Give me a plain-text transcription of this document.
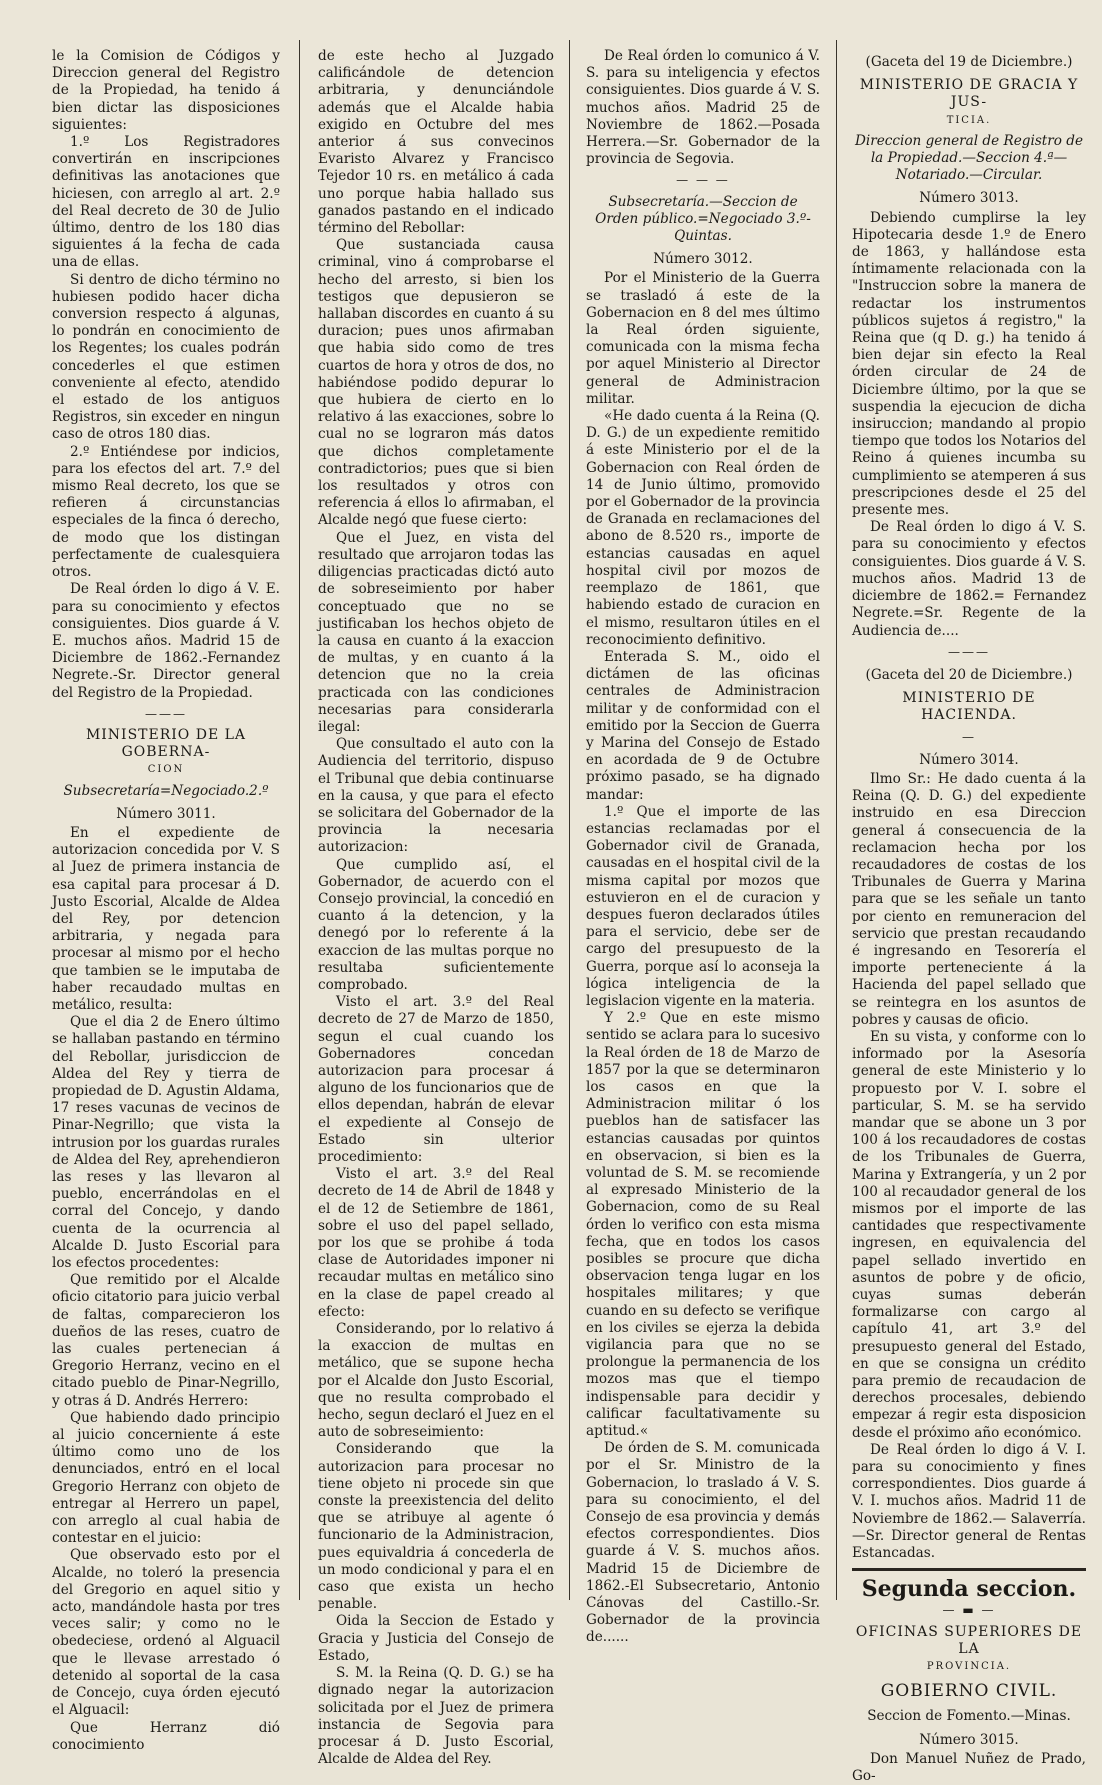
le la Comision de Códigos y Direccion general del Registro de la Propiedad, ha tenido á bien dictar las disposiciones siguientes:

1.º Los Registradores convertirán en inscripciones definitivas las anotaciones que hiciesen, con arreglo al art. 2.º del Real decreto de 30 de Julio último, dentro de los 180 dias siguientes á la fecha de cada una de ellas.

Si dentro de dicho término no hubiesen podido hacer dicha conversion respecto á algunas, lo pondrán en conocimiento de los Regentes; los cuales podrán concederles el que estimen conveniente al efecto, atendido el estado de los antiguos Registros, sin exceder en ningun caso de otros 180 dias.

2.º Entiéndese por indicios, para los efectos del art. 7.º del mismo Real decreto, los que se refieren á circunstancias especiales de la finca ó derecho, de modo que los distingan perfectamente de cualesquiera otros.

De Real órden lo digo á V. E. para su conocimiento y efectos consiguientes. Dios guarde á V. E. muchos años. Madrid 15 de Diciembre de 1862.-Fernandez Negrete.-Sr. Director general del Registro de la Propiedad.

———
MINISTERIO DE LA GOBERNA-
CION
Subsecretaría=Negociado.2.º
Número 3011.

En el expediente de autorizacion concedida por V. S al Juez de primera instancia de esa capital para procesar á D. Justo Escorial, Alcalde de Aldea del Rey, por detencion arbitraria, y negada para procesar al mismo por el hecho que tambien se le imputaba de haber recaudado multas en metálico, resulta:

Que el dia 2 de Enero último se hallaban pastando en término del Rebollar, jurisdiccion de Aldea del Rey y tierra de propiedad de D. Agustin Aldama, 17 reses vacunas de vecinos de Pinar-Negrillo; que vista la intrusion por los guardas rurales de Aldea del Rey, aprehendieron las reses y las llevaron al pueblo, encerrándolas en el corral del Concejo, y dando cuenta de la ocurrencia al Alcalde D. Justo Escorial para los efectos procedentes:

Que remitido por el Alcalde oficio citatorio para juicio verbal de faltas, comparecieron los dueños de las reses, cuatro de las cuales pertenecian á Gregorio Herranz, vecino en el citado pueblo de Pinar-Negrillo, y otras á D. Andrés Herrero:

Que habiendo dado principio al juicio concerniente á este último como uno de los denunciados, entró en el local Gregorio Herranz con objeto de entregar al Herrero un papel, con arreglo al cual habia de contestar en el juicio:

Que observado esto por el Alcalde, no toleró la presencia del Gregorio en aquel sitio y acto, mandándole hasta por tres veces salir; y como no le obedeciese, ordenó al Alguacil que le llevase arrestado ó detenido al soportal de la casa de Concejo, cuya órden ejecutó el Alguacil:

Que Herranz dió conocimiento

de este hecho al Juzgado calificándole de detencion arbitraria, y denunciándole además que el Alcalde habia exigido en Octubre del mes anterior á sus convecinos Evaristo Alvarez y Francisco Tejedor 10 rs. en metálico á cada uno porque habia hallado sus ganados pastando en el indicado término del Rebollar:

Que sustanciada causa criminal, vino á comprobarse el hecho del arresto, si bien los testigos que depusieron se hallaban discordes en cuanto á su duracion; pues unos afirmaban que habia sido como de tres cuartos de hora y otros de dos, no habiéndose podido depurar lo que hubiera de cierto en lo relativo á las exacciones, sobre lo cual no se lograron más datos que dichos completamente contradictorios; pues que si bien los resultados y otros con referencia á ellos lo afirmaban, el Alcalde negó que fuese cierto:

Que el Juez, en vista del resultado que arrojaron todas las diligencias practicadas dictó auto de sobreseimiento por haber conceptuado que no se justificaban los hechos objeto de la causa en cuanto á la exaccion de multas, y en cuanto á la detencion que no la creia practicada con las condiciones necesarias para considerarla ilegal:

Que consultado el auto con la Audiencia del territorio, dispuso el Tribunal que debia continuarse en la causa, y que para el efecto se solicitara del Gobernador de la provincia la necesaria autorizacion:

Que cumplido así, el Gobernador, de acuerdo con el Consejo provincial, la concedió en cuanto á la detencion, y la denegó por lo referente á la exaccion de las multas porque no resultaba suficientemente comprobado.

Visto el art. 3.º del Real decreto de 27 de Marzo de 1850, segun el cual cuando los Gobernadores concedan autorizacion para procesar á alguno de los funcionarios que de ellos dependan, habrán de elevar el expediente al Consejo de Estado sin ulterior procedimiento:

Visto el art. 3.º del Real decreto de 14 de Abril de 1848 y el de 12 de Setiembre de 1861, sobre el uso del papel sellado, por los que se prohibe á toda clase de Autoridades imponer ni recaudar multas en metálico sino en la clase de papel creado al efecto:

Considerando, por lo relativo á la exaccion de multas en metálico, que se supone hecha por el Alcalde don Justo Escorial, que no resulta comprobado el hecho, segun declaró el Juez en el auto de sobreseimiento:

Considerando que la autorizacion para procesar no tiene objeto ni procede sin que conste la preexistencia del delito que se atribuye al agente ó funcionario de la Administracion, pues equivaldria á concederla de un modo condicional y para el en caso que exista un hecho penable.

Oida la Seccion de Estado y Gracia y Justicia del Consejo de Estado,

S. M. la Reina (Q. D. G.) se ha dignado negar la autorizacion solicitada por el Juez de primera instancia de Segovia para procesar á D. Justo Escorial, Alcalde de Aldea del Rey.

De Real órden lo comunico á V. S. para su inteligencia y efectos consiguientes. Dios guarde á V. S. muchos años. Madrid 25 de Noviembre de 1862.—Posada Herrera.—Sr. Gobernador de la provincia de Segovia.

— — —
Subsecretaría.—Seccion de Orden público.=Negociado 3.º-Quintas.
Número 3012.

Por el Ministerio de la Guerra se trasladó á este de la Gobernacion en 8 del mes último la Real órden siguiente, comunicada con la misma fecha por aquel Ministerio al Director general de Administracion militar.

«He dado cuenta á la Reina (Q. D. G.) de un expediente remitido á este Ministerio por el de la Gobernacion con Real órden de 14 de Junio último, promovido por el Gobernador de la provincia de Granada en reclamaciones del abono de 8.520 rs., importe de estancias causadas en aquel hospital civil por mozos de reemplazo de 1861, que habiendo estado de curacion en el mismo, resultaron útiles en el reconocimiento definitivo.

Enterada S. M., oido el dictámen de las oficinas centrales de Administracion militar y de conformidad con el emitido por la Seccion de Guerra y Marina del Consejo de Estado en acordada de 9 de Octubre próximo pasado, se ha dignado mandar:

1.º Que el importe de las estancias reclamadas por el Gobernador civil de Granada, causadas en el hospital civil de la misma capital por mozos que estuvieron en el de curacion y despues fueron declarados útiles para el servicio, debe ser de cargo del presupuesto de la Guerra, porque así lo aconseja la lógica inteligencia de la legislacion vigente en la materia.

Y 2.º Que en este mismo sentido se aclara para lo sucesivo la Real órden de 18 de Marzo de 1857 por la que se determinaron los casos en que la Administracion militar ó los pueblos han de satisfacer las estancias causadas por quintos en observacion, si bien es la voluntad de S. M. se recomiende al expresado Ministerio de la Gobernacion, como de su Real órden lo verifico con esta misma fecha, que en todos los casos posibles se procure que dicha observacion tenga lugar en los hospitales militares; y que cuando en su defecto se verifique en los civiles se ejerza la debida vigilancia para que no se prolongue la permanencia de los mozos mas que el tiempo indispensable para decidir y calificar facultativamente su aptitud.«

De órden de S. M. comunicada por el Sr. Ministro de la Gobernacion, lo traslado á V. S. para su conocimiento, el del Consejo de esa provincia y demás efectos correspondientes. Dios guarde á V. S. muchos años. Madrid 15 de Diciembre de 1862.-El Subsecretario, Antonio Cánovas del Castillo.-Sr. Gobernador de la provincia de......

(Gaceta del 19 de Diciembre.)
MINISTERIO DE GRACIA Y JUS-
TICIA.
Direccion general de Registro de la Propiedad.—Seccion 4.ª—Notariado.—Circular.
Número 3013.

Debiendo cumplirse la ley Hipotecaria desde 1.º de Enero de 1863, y hallándose esta íntimamente relacionada con la "Instruccion sobre la manera de redactar los instrumentos públicos sujetos á registro," la Reina que (q D. g.) ha tenido á bien dejar sin efecto la Real órden circular de 24 de Diciembre último, por la que se suspendia la ejecucion de dicha insiruccion; mandando al propio tiempo que todos los Notarios del Reino á quienes incumba su cumplimiento se atemperen á sus prescripciones desde el 25 del presente mes.

De Real órden lo digo á V. S. para su conocimiento y efectos consiguientes. Dios guarde á V. S. muchos años. Madrid 13 de diciembre de 1862.= Fernandez Negrete.=Sr. Regente de la Audiencia de....

———
(Gaceta del 20 de Diciembre.)
MINISTERIO DE HACIENDA.
—
Número 3014.

Ilmo Sr.: He dado cuenta á la Reina (Q. D. G.) del expediente instruido en esa Direccion general á consecuencia de la reclamacion hecha por los recaudadores de costas de los Tribunales de Guerra y Marina para que se les señale un tanto por ciento en remuneracion del servicio que prestan recaudando é ingresando en Tesorería el importe perteneciente á la Hacienda del papel sellado que se reintegra en los asuntos de pobres y causas de oficio.

En su vista, y conforme con lo informado por la Asesoría general de este Ministerio y lo propuesto por V. I. sobre el particular, S. M. se ha servido mandar que se abone un 3 por 100 á los recaudadores de costas de los Tribunales de Guerra, Marina y Extrangería, y un 2 por 100 al recaudador general de los mismos por el importe de las cantidades que respectivamente ingresen, en equivalencia del papel sellado invertido en asuntos de pobre y de oficio, cuyas sumas deberán formalizarse con cargo al capítulo 41, art 3.º del presupuesto general del Estado, en que se consigna un crédito para premio de recaudacion de derechos procesales, debiendo empezar á regir esta disposicion desde el próximo año económico.

De Real órden lo digo á V. I. para su conocimiento y fines correspondientes. Dios guarde á V. I. muchos años. Madrid 11 de Noviembre de 1862.— Salaverría.—Sr. Director general de Rentas Estancadas.

Segunda seccion.
— ▬ —
OFICINAS SUPERIORES DE LA
PROVINCIA.
GOBIERNO CIVIL.
Seccion de Fomento.—Minas.
Número 3015.

Don Manuel Nuñez de Prado, Go-
